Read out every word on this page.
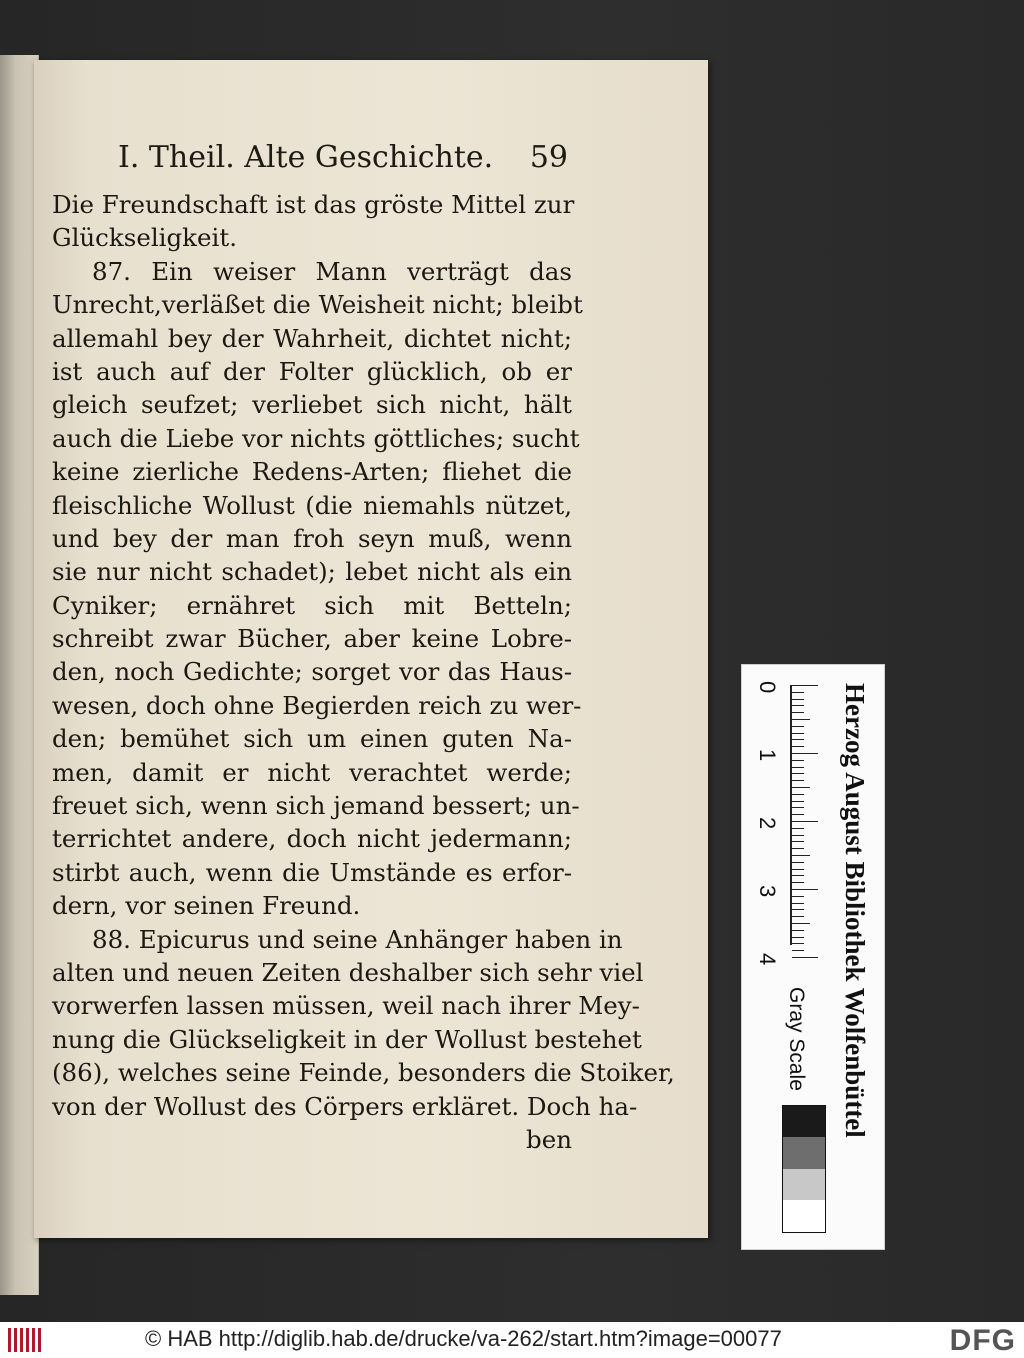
I. Theil. Alte Geschichte. 59
Die Freundschaft ist das gröste Mittel zur
Glückseligkeit.
87. Ein weiser Mann verträgt das
Unrecht,verläßet die Weisheit nicht; bleibt
allemahl bey der Wahrheit, dichtet nicht;
ist auch auf der Folter glücklich, ob er
gleich seufzet; verliebet sich nicht, hält
auch die Liebe vor nichts göttliches; sucht
keine zierliche Redens-Arten; fliehet die
fleischliche Wollust (die niemahls nützet,
und bey der man froh seyn muß, wenn
sie nur nicht schadet); lebet nicht als ein
Cyniker; ernähret sich mit Betteln;
schreibt zwar Bücher, aber keine Lobre-
den, noch Gedichte; sorget vor das Haus-
wesen, doch ohne Begierden reich zu wer-
den; bemühet sich um einen guten Na-
men, damit er nicht verachtet werde;
freuet sich, wenn sich jemand bessert; un-
terrichtet andere, doch nicht jedermann;
stirbt auch, wenn die Umstände es erfor-
dern, vor seinen Freund.
88. Epicurus und seine Anhänger haben in
alten und neuen Zeiten deshalber sich sehr viel
vorwerfen lassen müssen, weil nach ihrer Mey-
nung die Glückseligkeit in der Wollust bestehet
(86), welches seine Feinde, besonders die Stoiker,
von der Wollust des Cörpers erkläret. Doch ha-
ben
0
1
2
3
4 Herzog August Bibliothek Wolfenbüttel
Gray Scale
© HAB http://diglib.hab.de/drucke/va-262/start.htm?image=00077	DFG
